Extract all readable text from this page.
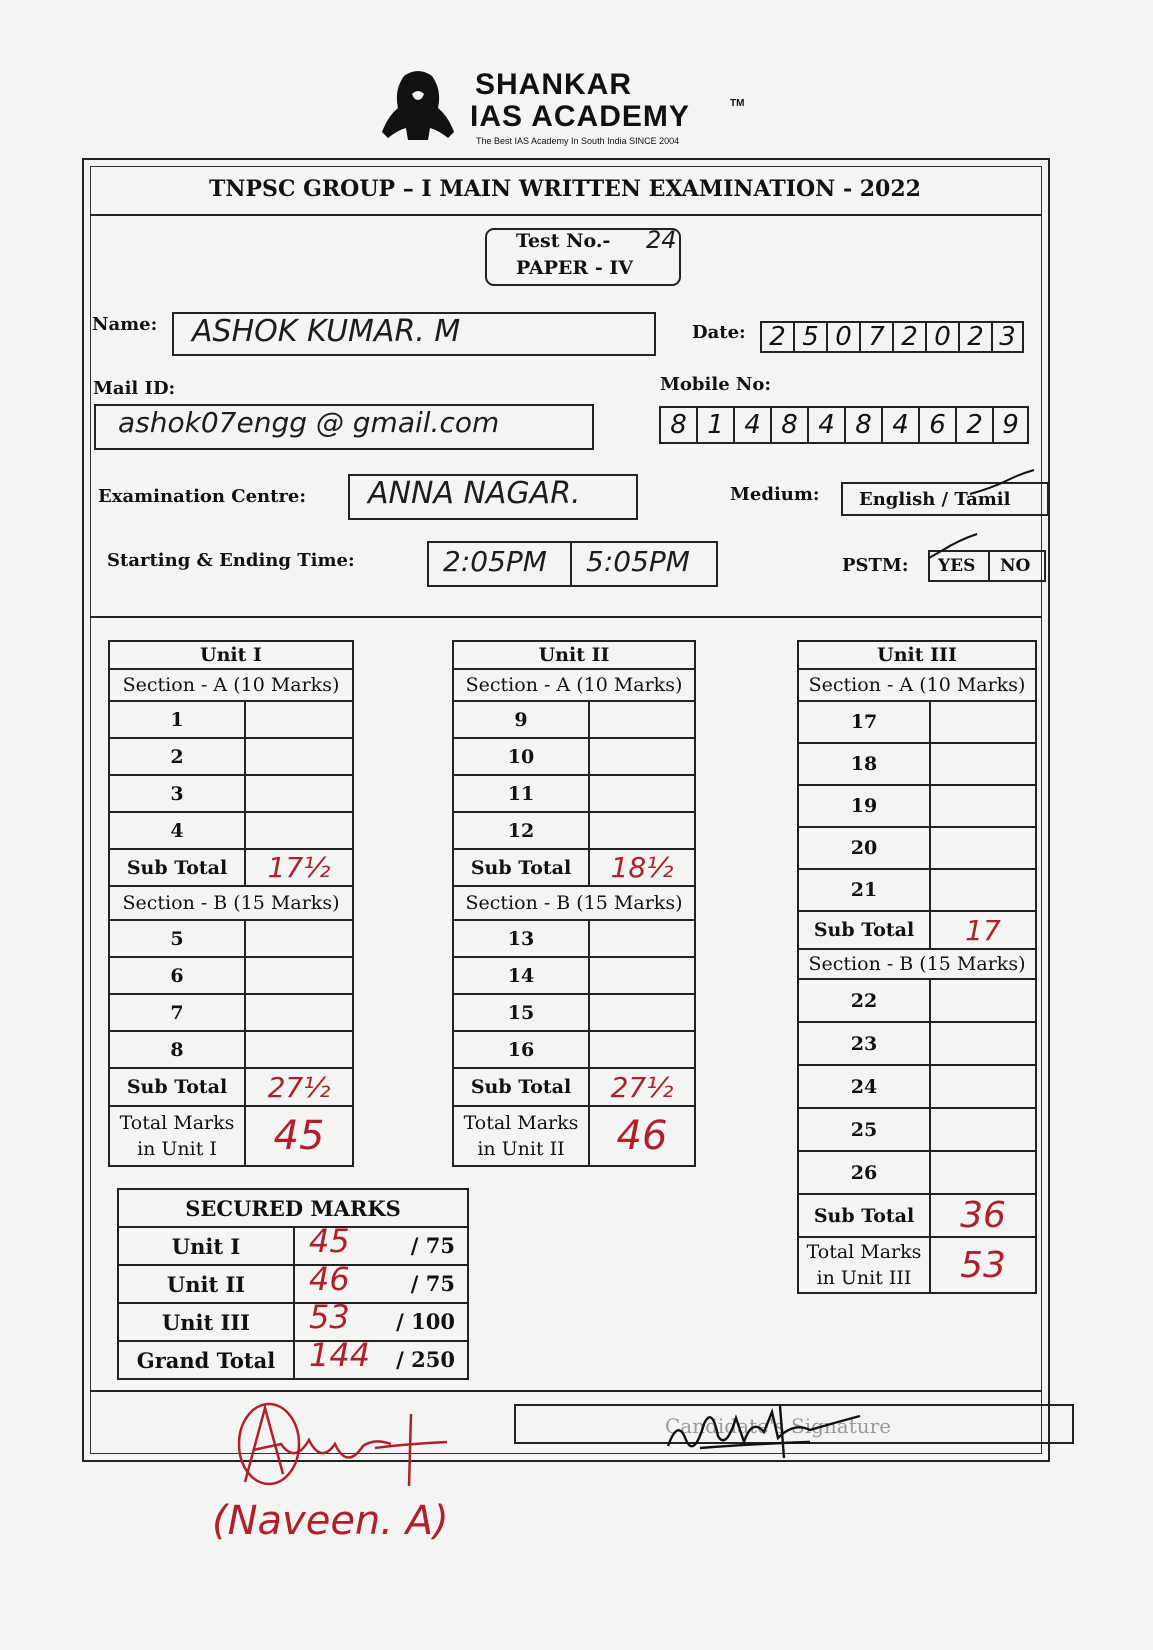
SHANKAR
IAS ACADEMY	TM
The Best IAS Academy In South India SINCE 2004
TNPSC GROUP – I MAIN WRITTEN EXAMINATION - 2022
Test No.- 24
PAPER - IV
Name: ASHOK KUMAR. M	Date: 2 5 0 7 2 0 2 3
Mail ID:
ashok07engg @ gmail.com
Mobile No:
8 1 4 8 4 8 4 6 2 9
Examination Centre: ANNA NAGAR.	Medium: English / Tamil
Starting & Ending Time:	2:05PM 5:05PM	PSTM: YES NO
Unit I	
Section - A (10 Marks)	
1	
2	
3	
4	
Sub Total	17½
Section - B (15 Marks)	
5	
6	
7	
8	
Sub Total	27½
Total Marks
in Unit I	45
Unit II	
Section - A (10 Marks)	
9	
10	
11	
12	
Sub Total	18½
Section - B (15 Marks)	
13	
14	
15	
16	
Sub Total	27½
Total Marks
in Unit II	46
Unit III	
Section - A (10 Marks)	
17	
18	
19	
20	
21	
Sub Total	17
Section - B (15 Marks)	
22	
23	
24	
25	
26	
Sub Total	36
Total Marks
in Unit III	53
SECURED MARKS	
Unit I	45 / 75

Unit II	46 / 75

Unit III	53 / 100

Grand Total	144 / 250
Candidate's Signature
(Naveen. A)
